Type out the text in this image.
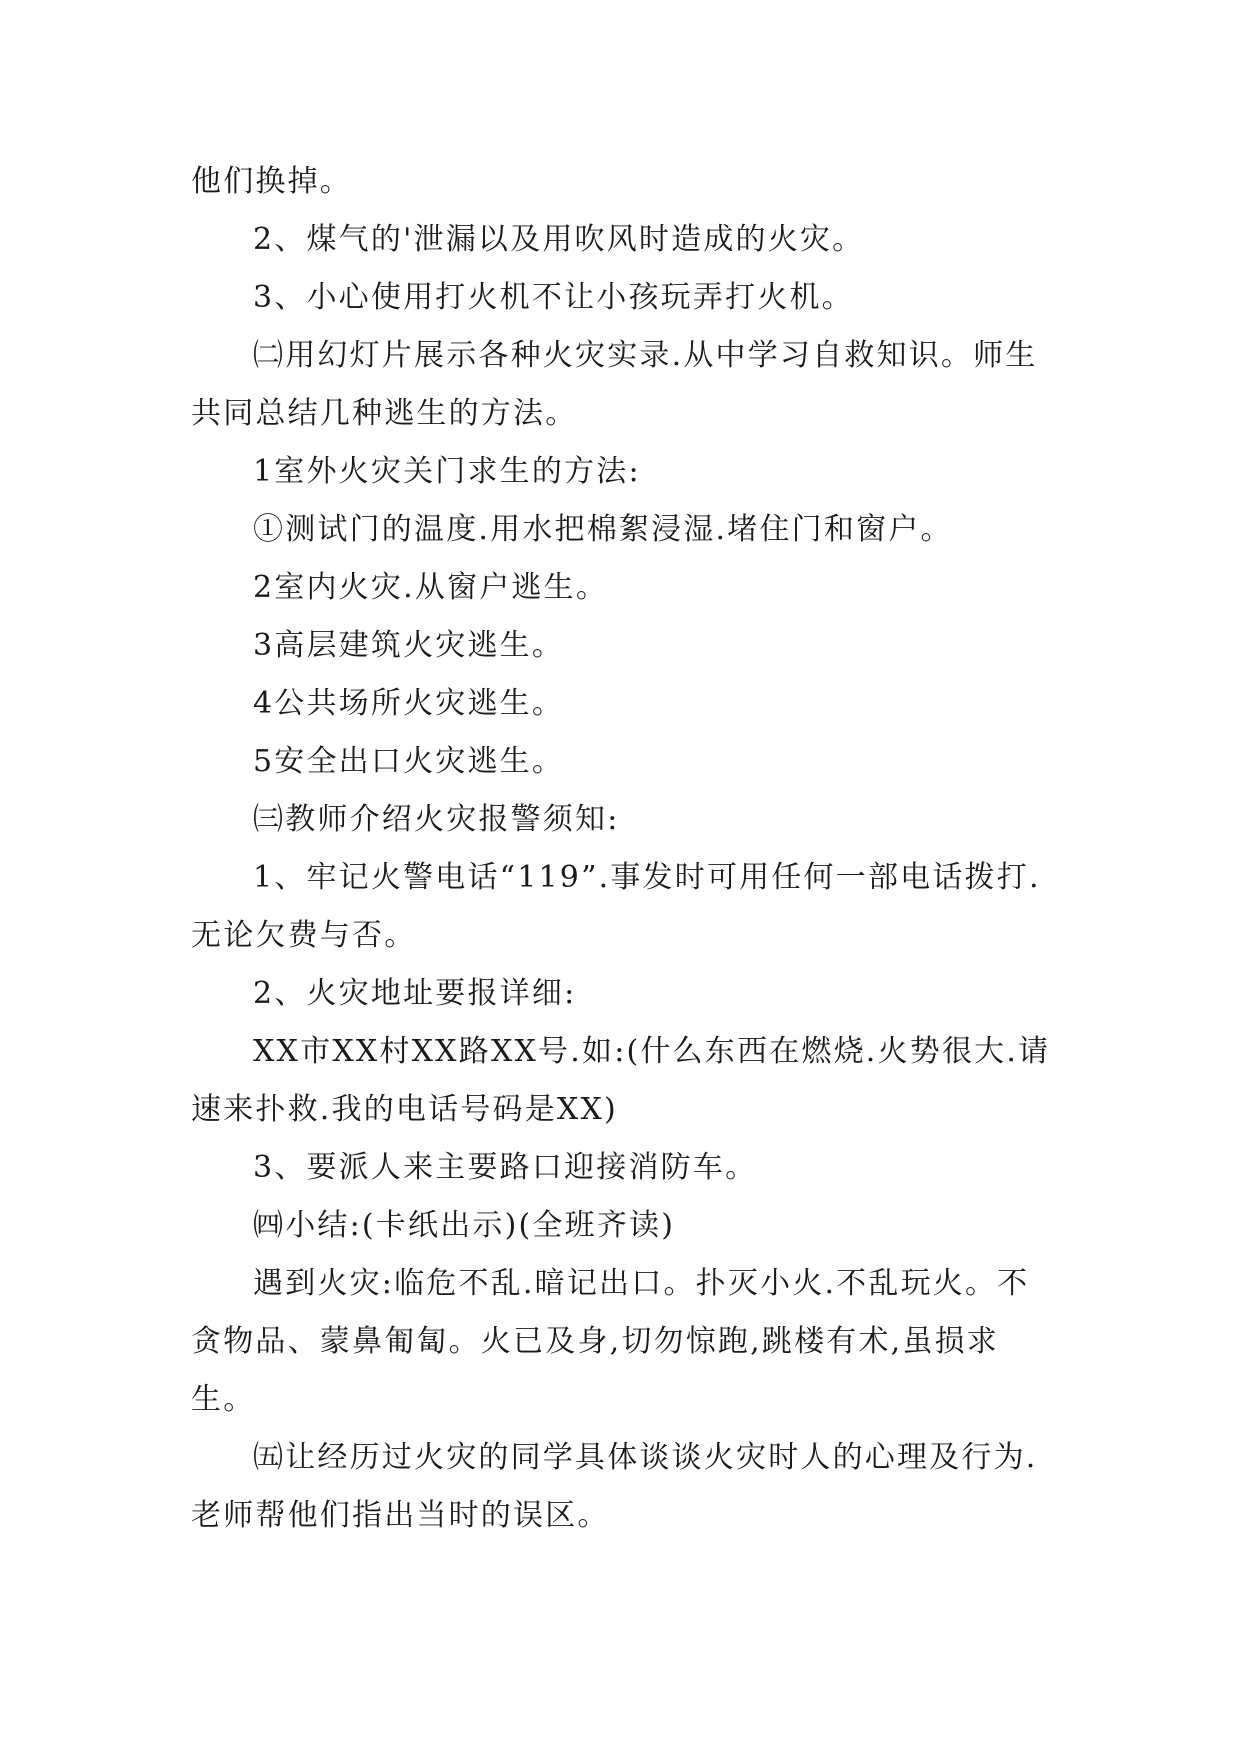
他们换掉。

2、煤气的'泄漏以及用吹风时造成的火灾。

3、小心使用打火机不让小孩玩弄打火机。

㈡用幻灯片展示各种火灾实录.从中学习自救知识。师生共同总结几种逃生的方法。

1室外火灾关门求生的方法:

①测试门的温度.用水把棉絮浸湿.堵住门和窗户。

2室内火灾.从窗户逃生。

3高层建筑火灾逃生。

4公共场所火灾逃生。

5安全出口火灾逃生。

㈢教师介绍火灾报警须知:

1、牢记火警电话“119”.事发时可用任何一部电话拨打.无论欠费与否。

2、火灾地址要报详细:

XX市XX村XX路XX号.如:(什么东西在燃烧.火势很大.请速来扑救.我的电话号码是XX)

3、要派人来主要路口迎接消防车。

㈣小结:(卡纸出示)(全班齐读)

遇到火灾:临危不乱.暗记出口。扑灭小火.不乱玩火。不贪物品、蒙鼻匍匐。火已及身,切勿惊跑,跳楼有术,虽损求生。

㈤让经历过火灾的同学具体谈谈火灾时人的心理及行为.老师帮他们指出当时的误区。
